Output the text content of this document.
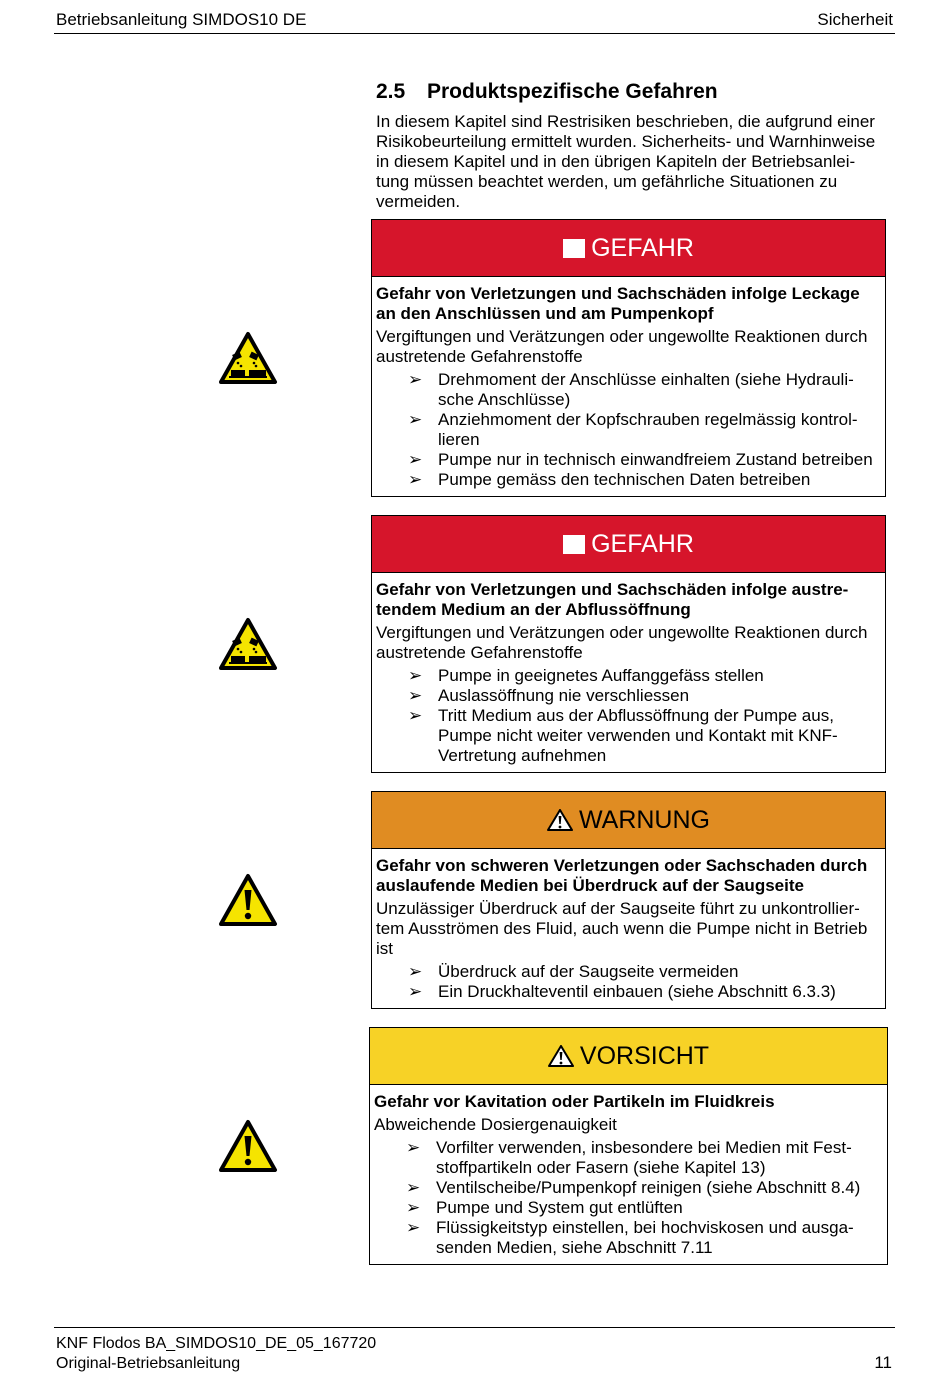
Betriebsanleitung SIMDOS10 DE	Sicherheit
2.5 Produktspezifische Gefahren
In diesem Kapitel sind Restrisiken beschrieben, die aufgrund einer
Risikobeurteilung ermittelt wurden. Sicherheits- und Warnhinweise
in diesem Kapitel und in den übrigen Kapiteln der Betriebsanlei-
tung müssen beachtet werden, um gefährliche Situationen zu
vermeiden.
GEFAHR
Gefahr von Verletzungen und Sachschäden infolge Leckage
an den Anschlüssen und am Pumpenkopf
Vergiftungen und Verätzungen oder ungewollte Reaktionen durch
austretende Gefahrenstoffe
➢ Drehmoment der Anschlüsse einhalten (siehe Hydrauli-
sche Anschlüsse)
➢ Anziehmoment der Kopfschrauben regelmässig kontrol-
lieren
➢ Pumpe nur in technisch einwandfreiem Zustand betreiben
➢ Pumpe gemäss den technischen Daten betreiben
GEFAHR
Gefahr von Verletzungen und Sachschäden infolge austre-
tendem Medium an der Abflussöffnung
Vergiftungen und Verätzungen oder ungewollte Reaktionen durch
austretende Gefahrenstoffe
➢ Pumpe in geeignetes Auffanggefäss stellen
➢ Auslassöffnung nie verschliessen
➢ Tritt Medium aus der Abflussöffnung der Pumpe aus,
Pumpe nicht weiter verwenden und Kontakt mit KNF-
Vertretung aufnehmen
WARNUNG
Gefahr von schweren Verletzungen oder Sachschaden durch
auslaufende Medien bei Überdruck auf der Saugseite
Unzulässiger Überdruck auf der Saugseite führt zu unkontrollier-
tem Ausströmen des Fluid, auch wenn die Pumpe nicht in Betrieb
ist
➢ Überdruck auf der Saugseite vermeiden
➢ Ein Druckhalteventil einbauen (siehe Abschnitt 6.3.3)
VORSICHT
Gefahr vor Kavitation oder Partikeln im Fluidkreis
Abweichende Dosiergenauigkeit
➢ Vorfilter verwenden, insbesondere bei Medien mit Fest-
stoffpartikeln oder Fasern (siehe Kapitel 13)
➢ Ventilscheibe/Pumpenkopf reinigen (siehe Abschnitt 8.4)
➢ Pumpe und System gut entlüften
➢ Flüssigkeitstyp einstellen, bei hochviskosen und ausga-
senden Medien, siehe Abschnitt 7.11
KNF Flodos BA_SIMDOS10_DE_05_167720
Original-Betriebsanleitung	11
